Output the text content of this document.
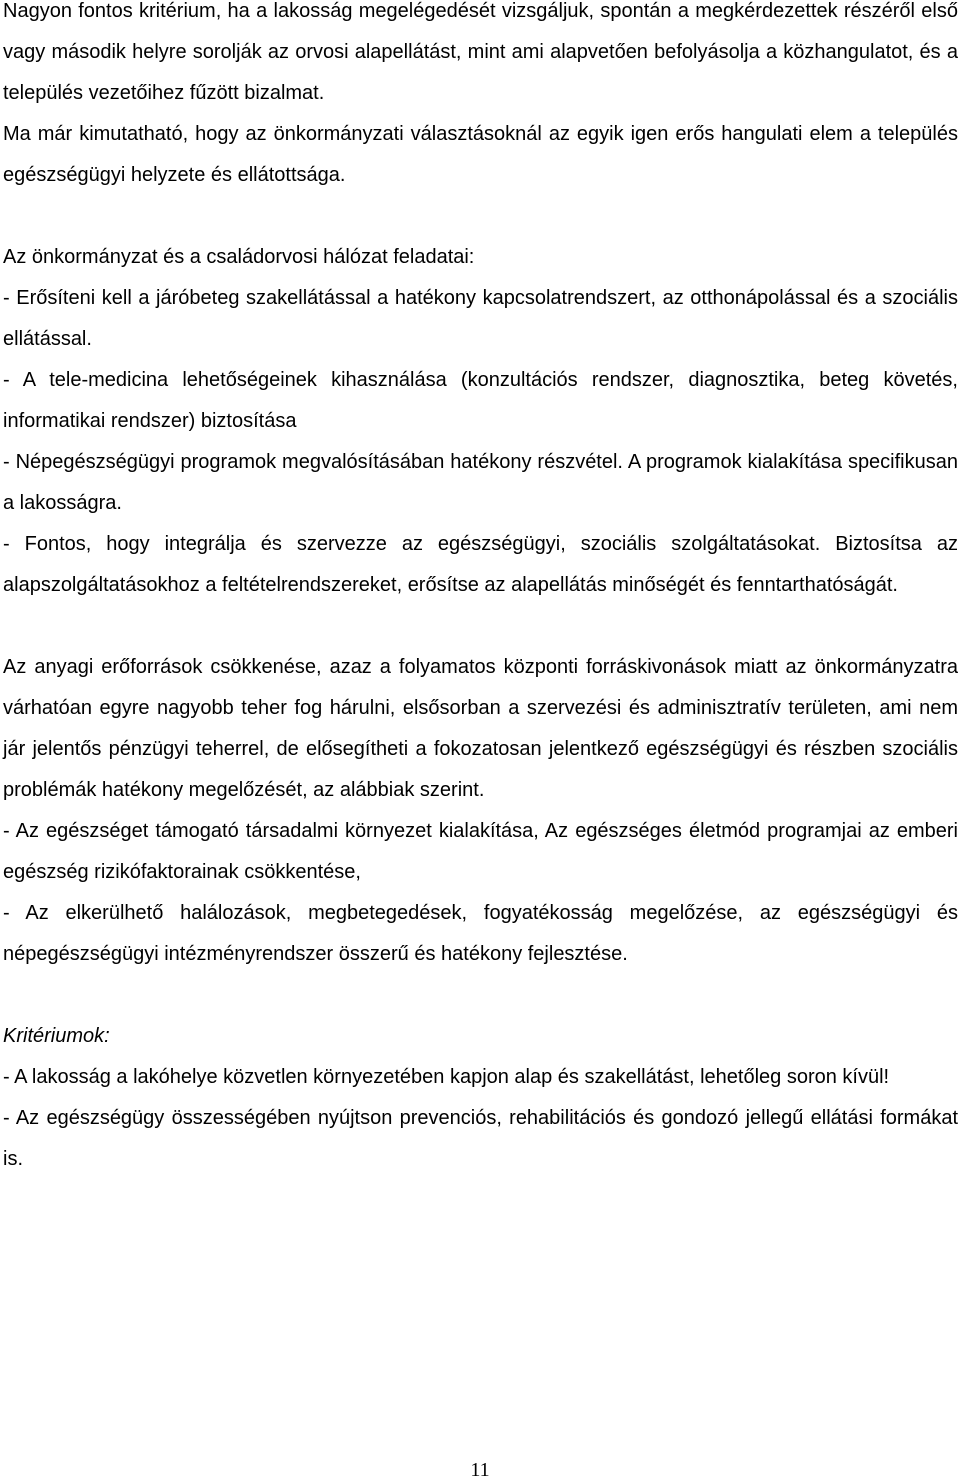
Nagyon fontos kritérium, ha a lakosság megelégedését vizsgáljuk, spontán a megkérdezettek részéről első vagy második helyre sorolják az orvosi alapellátást, mint ami alapvetően befolyásolja a közhangulatot, és a település vezetőihez fűzött bizalmat.

Ma már kimutatható, hogy az önkormányzati választásoknál az egyik igen erős hangulati elem a település egészségügyi helyzete és ellátottsága.

Az önkormányzat és a családorvosi hálózat feladatai:

- Erősíteni kell a járóbeteg szakellátással a hatékony kapcsolatrendszert, az otthonápolással és a szociális ellátással.

- A tele-medicina lehetőségeinek kihasználása (konzultációs rendszer, diagnosztika, beteg követés, informatikai rendszer) biztosítása

- Népegészségügyi programok megvalósításában hatékony részvétel. A programok kialakítása specifikusan a lakosságra.

- Fontos, hogy integrálja és szervezze az egészségügyi, szociális szolgáltatásokat. Biztosítsa az alapszolgáltatásokhoz a feltételrendszereket, erősítse az alapellátás minőségét és fenntarthatóságát.

Az anyagi erőforrások csökkenése, azaz a folyamatos központi forráskivonások miatt az önkormányzatra várhatóan egyre nagyobb teher fog hárulni, elsősorban a szervezési és adminisztratív területen, ami nem jár jelentős pénzügyi teherrel, de elősegítheti a fokozatosan jelentkező egészségügyi és részben szociális problémák hatékony megelőzését, az alábbiak szerint.

- Az egészséget támogató társadalmi környezet kialakítása, Az egészséges életmód programjai az emberi egészség rizikófaktorainak csökkentése,

- Az elkerülhető halálozások, megbetegedések, fogyatékosság megelőzése, az egészségügyi és népegészségügyi intézményrendszer összerű és hatékony fejlesztése.

Kritériumok:

- A lakosság a lakóhelye közvetlen környezetében kapjon alap és szakellátást, lehetőleg soron kívül!

- Az egészségügy összességében nyújtson prevenciós, rehabilitációs és gondozó jellegű ellátási formákat is.

11
